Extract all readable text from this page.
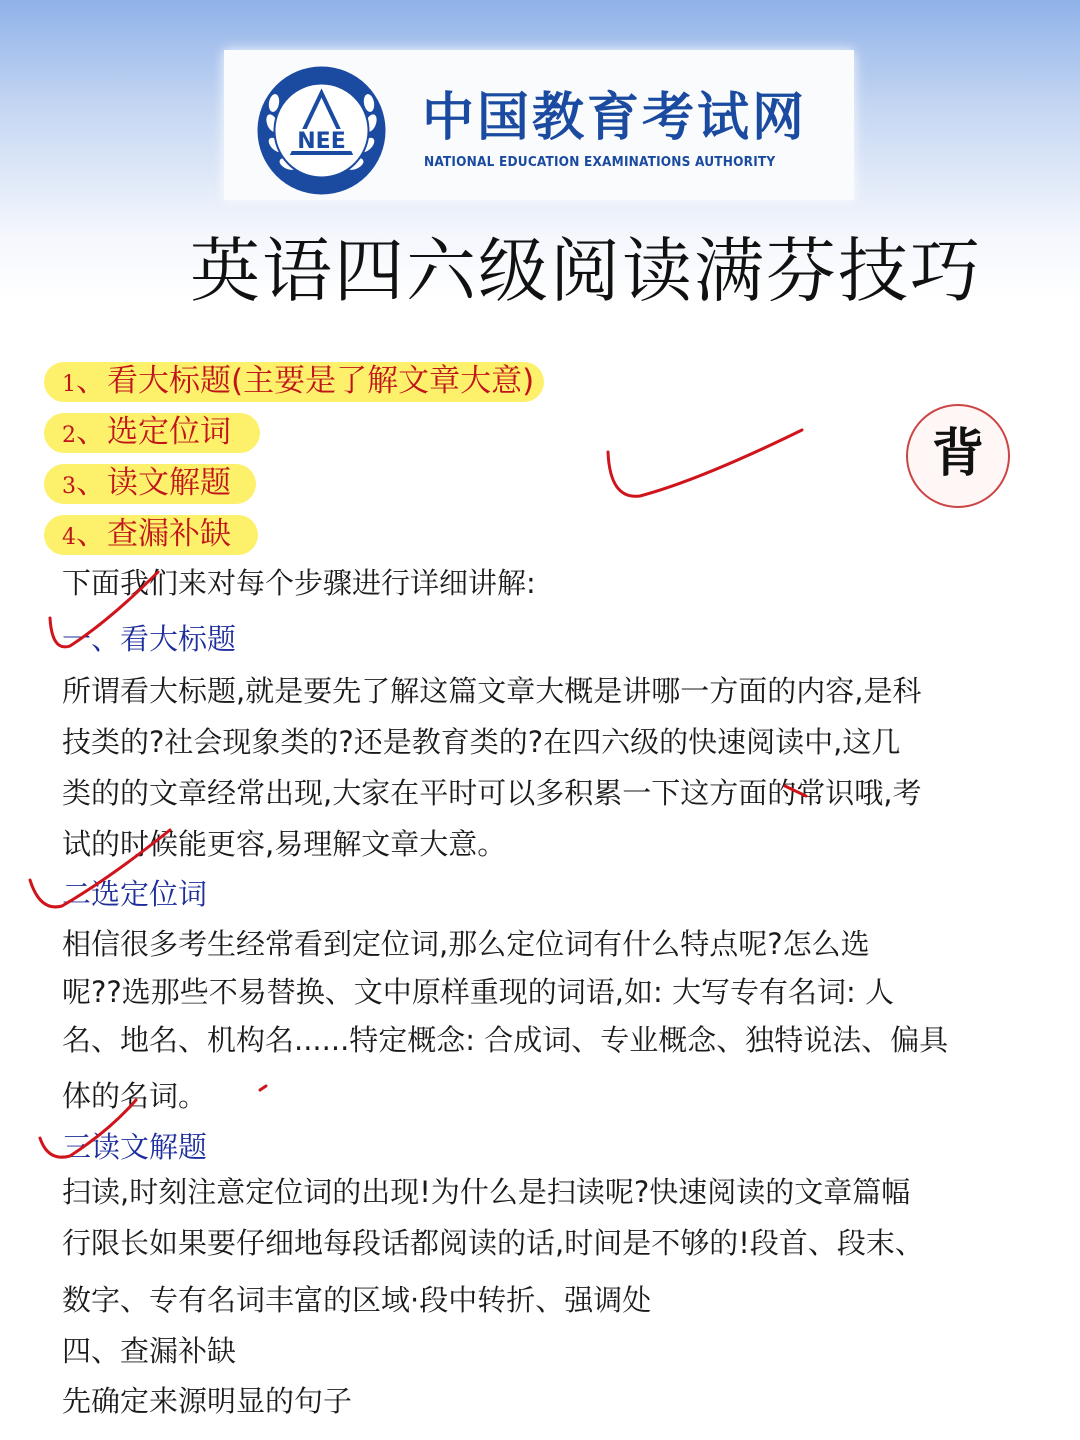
NEE 中国教育考试网
NATIONAL EDUCATION EXAMINATIONS AUTHORITY
英语四六级阅读满芬技巧
1、看大标题(主要是了解文章大意)
2、选定位词
3、读文解题
4、查漏补缺
背
下面我们来对每个步骤进行详细讲解:
一、看大标题
所谓看大标题,就是要先了解这篇文章大概是讲哪一方面的内容,是科
技类的?社会现象类的?还是教育类的?在四六级的快速阅读中,这几
类的的文章经常出现,大家在平时可以多积累一下这方面的常识哦,考
试的时候能更容,易理解文章大意。
二选定位词
相信很多考生经常看到定位词,那么定位词有什么特点呢?怎么选
呢??选那些不易替换、文中原样重现的词语,如: 大写专有名词: 人
名、地名、机构名......特定概念: 合成词、专业概念、独特说法、偏具
体的名词。
三读文解题
扫读,时刻注意定位词的出现!为什么是扫读呢?快速阅读的文章篇幅
行限长如果要仔细地每段话都阅读的话,时间是不够的!段首、段末、
数字、专有名词丰富的区域·段中转折、强调处
四、查漏补缺
先确定来源明显的句子
